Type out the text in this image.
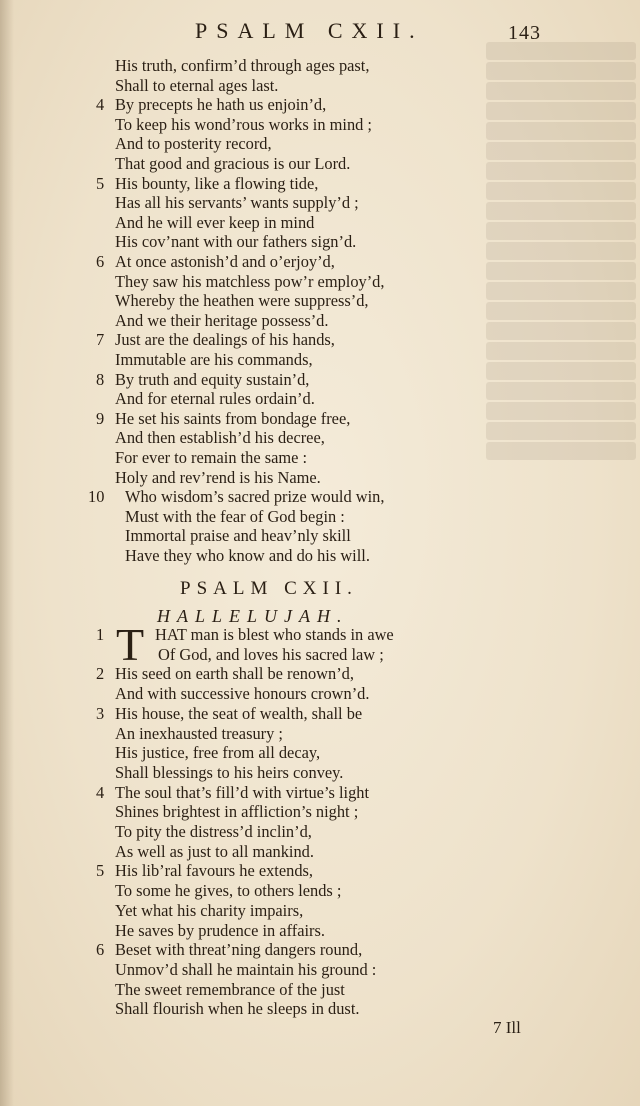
PSALM CXII.	143
His truth, confirm’d through ages past,
Shall to eternal ages last.
4 By precepts he hath us enjoin’d,
To keep his wond’rous works in mind ;
And to posterity record,
That good and gracious is our Lord.
5 His bounty, like a flowing tide,
Has all his servants’ wants supply’d ;
And he will ever keep in mind
His cov’nant with our fathers sign’d.
6 At once astonish’d and o’erjoy’d,
They saw his matchless pow’r employ’d,
Whereby the heathen were suppress’d,
And we their heritage possess’d.
7 Just are the dealings of his hands,
Immutable are his commands,
8 By truth and equity sustain’d,
And for eternal rules ordain’d.
9 He set his saints from bondage free,
And then establish’d his decree,
For ever to remain the same :
Holy and rev’rend is his Name.
10 Who wisdom’s sacred prize would win,
Must with the fear of God begin :
Immortal praise and heav’nly skill
Have they who know and do his will.
PSALM CXII.
HALLELUJAH.
T
1	HAT man is blest who stands in awe
Of God, and loves his sacred law ;
2 His seed on earth shall be renown’d,
And with successive honours crown’d.
3 His house, the seat of wealth, shall be
An inexhausted treasury ;
His justice, free from all decay,
Shall blessings to his heirs convey.
4 The soul that’s fill’d with virtue’s light
Shines brightest in affliction’s night ;
To pity the distress’d inclin’d,
As well as just to all mankind.
5 His lib’ral favours he extends,
To some he gives, to others lends ;
Yet what his charity impairs,
He saves by prudence in affairs.
6 Beset with threat’ning dangers round,
Unmov’d shall he maintain his ground :
The sweet remembrance of the just
Shall flourish when he sleeps in dust.
7 Ill
